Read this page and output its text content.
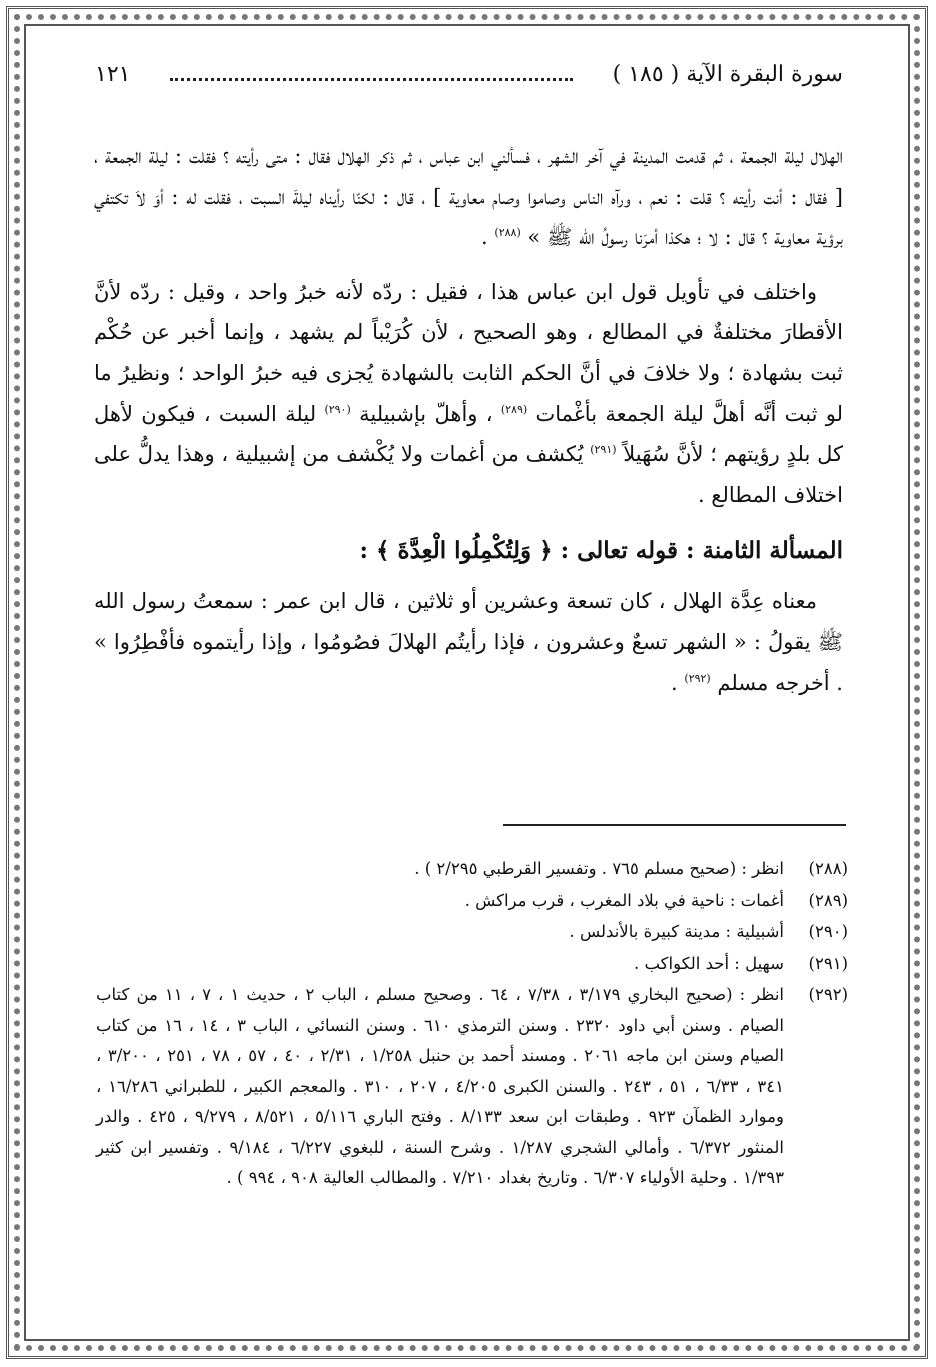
سورة البقرة الآية ( ١٨٥ )
١٢١

الهلال ليلة الجمعة ، ثم قدمت المدينة في آخر الشهر ، فسألني ابن عباس ، ثم ذكر الهلال فقال : متى رأيته ؟ فقلت : ليلة الجمعة ، [ فقال : أنت رأيته ؟ قلت : نعم ، ورآه الناس وصاموا وصام معاوية ] ، قال : لكنّا رأيناه ليلةَ السبت ، فقلت له : أوَ لاَ تكتفي برؤية معاوية ؟ قال : لا ؛ هكذا أمرَنا رسولُ الله ﷺ » $^{(٢٨٨)}$ .

واختلف في تأويل قول ابن عباس هذا ، فقيل : ردّه لأنه خبرُ واحد ، وقيل : ردّه لأنَّ الأقطارَ مختلفةٌ في المطالع ، وهو الصحيح ، لأن كُرَيْباً لم يشهد ، وإنما أخبر عن حُكْم ثبت بشهادة ؛ ولا خلافَ في أنَّ الحكم الثابت بالشهادة يُجزى فيه خبرُ الواحد ؛ ونظيرُ ما لو ثبت أنَّه أهلَّ ليلة الجمعة بأغْمات $^{(٢٨٩)}$ ، وأهلّ بإشبيلية $^{(٢٩٠)}$ ليلة السبت ، فيكون لأهل كل بلدٍ رؤيتهم ؛ لأنَّ سُهَيلاً $^{(٢٩١)}$ يُكشف من أغمات ولا يُكْشف من إشبيلية ، وهذا يدلُّ على اختلاف المطالع .

المسألة الثامنة : قوله تعالى : ﴿ وَلِتُكْمِلُوا الْعِدَّةَ ﴾ :

معناه عِدَّة الهلال ، كان تسعة وعشرين أو ثلاثين ، قال ابن عمر : سمعتُ رسول الله ﷺ يقولُ : « الشهر تسعٌ وعشرون ، فإذا رأيتُم الهلالَ فصُومُوا ، وإذا رأيتموه فأفْطِرُوا » . أخرجه مسلم $^{(٢٩٢)}$ .

(٢٨٨)
انظر : (صحيح مسلم ٧٦٥ . وتفسير القرطبي ٢/٢٩٥ ) .
(٢٨٩)
أغمات : ناحية في بلاد المغرب ، قرب مراكش .
(٢٩٠)
أشبيلية : مدينة كبيرة بالأندلس .
(٢٩١)
سهيل : أحد الكواكب .
(٢٩٢)
انظر : (صحيح البخاري ٣/١٧٩ ، ٧/٣٨ ، ٦٤ . وصحيح مسلم ، الباب ٢ ، حديث ١ ، ٧ ، ١١ من كتاب الصيام . وسنن أبي داود ٢٣٢٠ . وسنن الترمذي ٦١٠ . وسنن النسائي ، الباب ٣ ، ١٤ ، ١٦ من كتاب الصيام وسنن ابن ماجه ٢٠٦١ . ومسند أحمد بن حنبل ١/٢٥٨ ، ٢/٣١ ، ٤٠ ، ٥٧ ، ٧٨ ، ٢٥١ ، ٣/٢٠٠ ، ٣٤١ ، ٦/٣٣ ، ٥١ ، ٢٤٣ . والسنن الكبرى ٤/٢٠٥ ، ٢٠٧ ، ٣١٠ . والمعجم الكبير ، للطبراني ١٦/٢٨٦ ، وموارد الظمآن ٩٢٣ . وطبقات ابن سعد ٨/١٣٣ . وفتح الباري ٥/١١٦ ، ٨/٥٢١ ، ٩/٢٧٩ ، ٤٢٥ . والدر المنثور ٦/٣٧٢ . وأمالي الشجري ١/٢٨٧ . وشرح السنة ، للبغوي ٦/٢٢٧ ، ٩/١٨٤ . وتفسير ابن كثير ١/٣٩٣ . وحلية الأولياء ٦/٣٠٧ . وتاريخ بغداد ٧/٢١٠ . والمطالب العالية ٩٠٨ ، ٩٩٤ ) .
